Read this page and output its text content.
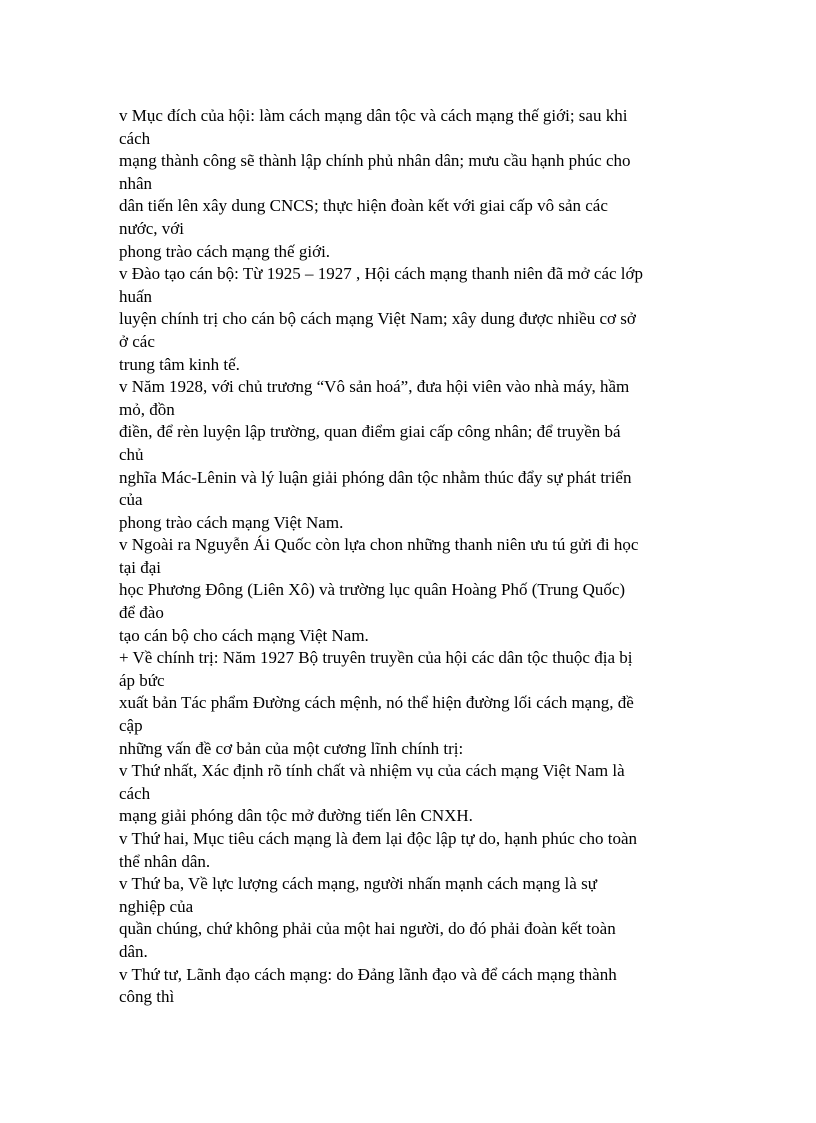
v Mục đích của hội: làm cách mạng dân tộc và cách mạng thế giới; sau khi
cách
mạng thành công sẽ thành lập chính phủ nhân dân; mưu cầu hạnh phúc cho
nhân
dân tiến lên xây dung CNCS; thực hiện đoàn kết với giai cấp vô sản các
nước, với
phong trào cách mạng thế giới.
v Đào tạo cán bộ: Từ 1925 – 1927 , Hội cách mạng thanh niên đã mở các lớp
huấn
luyện chính trị cho cán bộ cách mạng Việt Nam; xây dung được nhiều cơ sở
ở các
trung tâm kinh tế.
v Năm 1928, với chủ trương “Vô sản hoá”, đưa hội viên vào nhà máy, hầm
mỏ, đồn
điền, để rèn luyện lập trường, quan điểm giai cấp công nhân; để truyền bá
chủ
nghĩa Mác-Lênin và lý luận giải phóng dân tộc nhằm thúc đẩy sự phát triển
của
phong trào cách mạng Việt Nam.
v Ngoài ra Nguyễn Ái Quốc còn lựa chon những thanh niên ưu tú gửi đi học
tại đại
học Phương Đông (Liên Xô) và trường lục quân Hoàng Phố (Trung Quốc)
để đào
tạo cán bộ cho cách mạng Việt Nam.
+ Về chính trị: Năm 1927 Bộ truyên truyền của hội các dân tộc thuộc địa bị
áp bức
xuất bản Tác phẩm Đường cách mệnh, nó thể hiện đường lối cách mạng, đề
cập
những vấn đề cơ bản của một cương lĩnh chính trị:
v Thứ nhất, Xác định rõ tính chất và nhiệm vụ của cách mạng Việt Nam là
cách
mạng giải phóng dân tộc mở đường tiến lên CNXH.
v Thứ hai, Mục tiêu cách mạng là đem lại độc lập tự do, hạnh phúc cho toàn
thể nhân dân.
v Thứ ba, Về lực lượng cách mạng, người nhấn mạnh cách mạng là sự
nghiệp của
quần chúng, chứ không phải của một hai người, do đó phải đoàn kết toàn
dân.
v Thứ tư, Lãnh đạo cách mạng: do Đảng lãnh đạo và để cách mạng thành
công thì
